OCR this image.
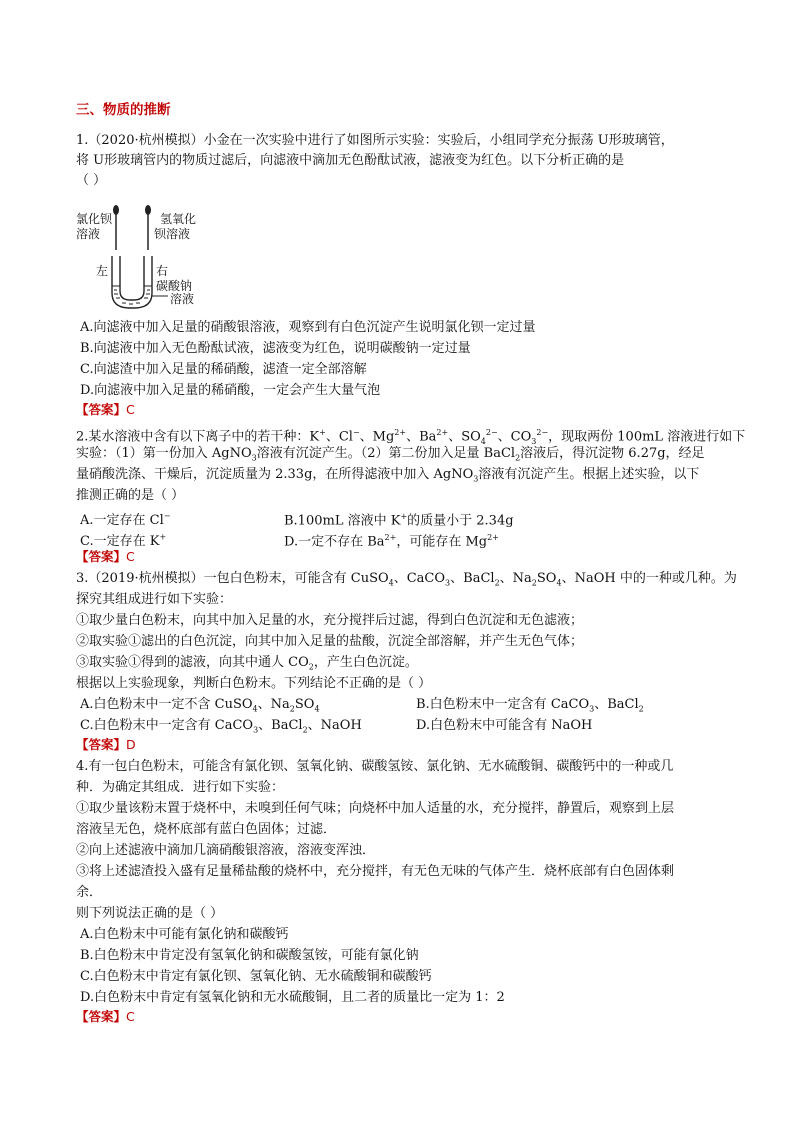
三、物质的推断
1.（2020·杭州模拟）小金在一次实验中进行了如图所示实验：实验后，小组同学充分振荡 U形玻璃管，
将 U形玻璃管内的物质过滤后，向滤液中滴加无色酚酞试液，滤液变为红色。以下分析正确的是
（ ）
氯化钡
溶液
氢氧化
钡溶液
左	右
碳酸钠
溶液
A.向滤液中加入足量的硝酸银溶液，观察到有白色沉淀产生说明氯化钡一定过量
B.向滤液中加入无色酚酞试液，滤液变为红色，说明碳酸钠一定过量
C.向滤渣中加入足量的稀硝酸，滤渣一定全部溶解
D.向滤液中加入足量的稀硝酸，一定会产生大量气泡
【答案】C
2.某水溶液中含有以下离子中的若干种：K+、Cl−、$Mg^{2+}$、$Ba^{2+}$、$SO_4^{2-}$、$CO_3^{2-}$，现取两份 100mL 溶液进行如下
实验：（1）第一份加入 AgNO$_3$溶液有沉淀产生。（2）第二份加入足量 BaCl$_2$溶液后，得沉淀物 6.27g，经足
量硝酸洗涤、干燥后，沉淀质量为 2.33g，在所得滤液中加入 AgNO$_3$溶液有沉淀产生。根据上述实验，以下
推测正确的是（ ）
A.一定存在 Cl−	B.100mL 溶液中 K+的质量小于 2.34g
C.一定存在 K+	D.一定不存在 $Ba^{2+}$，可能存在 $Mg^{2+}$
【答案】C
3.（2019·杭州模拟）一包白色粉末，可能含有 CuSO$_4$、CaCO$_3$、BaCl$_2$、$Na_2SO_4$、NaOH 中的一种或几种。为
探究其组成进行如下实验：
①取少量白色粉末，向其中加入足量的水，充分搅拌后过滤，得到白色沉淀和无色滤液；
②取实验①滤出的白色沉淀，向其中加入足量的盐酸，沉淀全部溶解，并产生无色气体；
③取实验①得到的滤液，向其中通人 $CO_2$，产生白色沉淀。
根据以上实验现象，判断白色粉末。下列结论不正确的是（ ）
A.白色粉末中一定不含 CuSO$_4$、$Na_2SO_4$	B.白色粉末中一定含有 CaCO$_3$、BaCl$_2$
C.白色粉末中一定含有 CaCO$_3$、BaCl$_2$、NaOH	D.白色粉末中可能含有 NaOH
【答案】D
4.有一包白色粉末，可能含有氯化钡、氢氧化钠、碳酸氢铵、氯化钠、无水硫酸铜、碳酸钙中的一种或几
种．为确定其组成．进行如下实验：
①取少量该粉末置于烧杯中，未嗅到任何气味；向烧杯中加人适量的水，充分搅拌，静置后，观察到上层
溶液呈无色，烧杯底部有蓝白色固体；过滤．
②向上述滤液中滴加几滴硝酸银溶液，溶液变浑浊．
③将上述滤渣投入盛有足量稀盐酸的烧杯中，充分搅拌，有无色无味的气体产生．烧杯底部有白色固体剩
余．
则下列说法正确的是（ ）
A.白色粉末中可能有氯化钠和碳酸钙
B.白色粉末中肯定没有氢氧化钠和碳酸氢铵，可能有氯化钠
C.白色粉末中肯定有氯化钡、氢氧化钠、无水硫酸铜和碳酸钙
D.白色粉末中肯定有氢氧化钠和无水硫酸铜，且二者的质量比一定为 1：2
【答案】C
